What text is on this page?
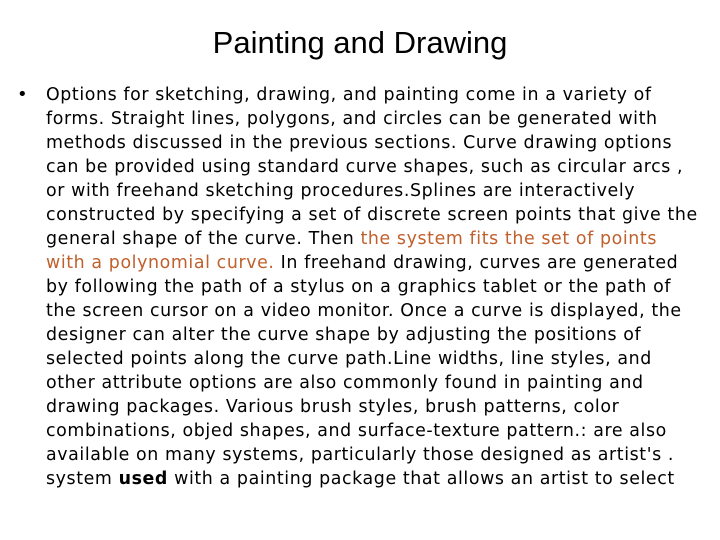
Painting and Drawing
• Options for sketching, drawing, and painting come in a variety of forms. Straight lines, polygons, and circles can be generated with methods discussed in the previous sections. Curve drawing options can be provided using standard curve shapes, such as circular arcs , or with freehand sketching procedures.Splines are interactively constructed by specifying a set of discrete screen points that give the general shape of the curve. Then the system fits the set of points with a polynomial curve. In freehand drawing, curves are generated by following the path of a stylus on a graphics tablet or the path of the screen cursor on a video monitor. Once a curve is displayed, the designer can alter the curve shape by adjusting the positions of selected points along the curve path.Line widths, line styles, and other attribute options are also commonly found in painting and drawing packages. Various brush styles, brush patterns, color combinations, objed shapes, and surface-texture pattern.: are also available on many systems, particularly those designed as artist's . system used with a painting package that allows an artist to select
